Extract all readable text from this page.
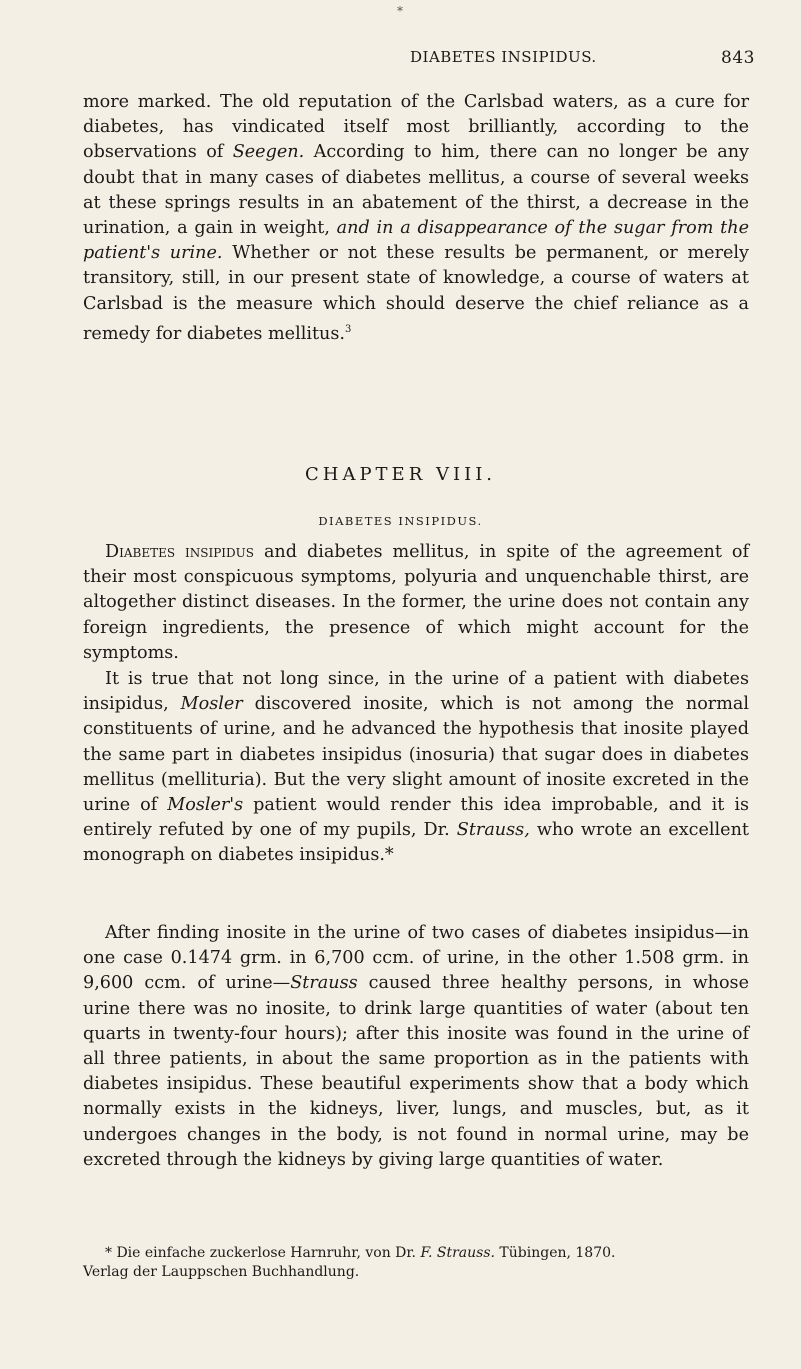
*
DIABETES INSIPIDUS.	843

more marked. The old reputation of the Carlsbad waters, as a cure for diabetes, has vindicated itself most brilliantly, according to the observations of Seegen. According to him, there can no longer be any doubt that in many cases of diabetes mellitus, a course of several weeks at these springs results in an abatement of the thirst, a decrease in the urination, a gain in weight, and in a disappearance of the sugar from the patient's urine. Whether or not these results be permanent, or merely transitory, still, in our present state of knowledge, a course of waters at Carlsbad is the measure which should deserve the chief reliance as a remedy for diabetes mellitus.$^3$

CHAPTER VIII.
DIABETES INSIPIDUS.

Diabetes insipidus and diabetes mellitus, in spite of the agreement of their most conspicuous symptoms, polyuria and unquenchable thirst, are altogether distinct diseases. In the former, the urine does not contain any foreign ingredients, the presence of which might account for the symptoms.

It is true that not long since, in the urine of a patient with diabetes insipidus, Mosler discovered inosite, which is not among the normal constituents of urine, and he advanced the hypothesis that inosite played the same part in diabetes insipidus (inosuria) that sugar does in diabetes mellitus (mellituria). But the very slight amount of inosite excreted in the urine of Mosler's patient would render this idea improbable, and it is entirely refuted by one of my pupils, Dr. Strauss, who wrote an excellent monograph on diabetes insipidus.*

After finding inosite in the urine of two cases of diabetes insipidus—in one case 0.1474 grm. in 6,700 ccm. of urine, in the other 1.508 grm. in 9,600 ccm. of urine—Strauss caused three healthy persons, in whose urine there was no inosite, to drink large quantities of water (about ten quarts in twenty-four hours); after this inosite was found in the urine of all three patients, in about the same proportion as in the patients with diabetes insipidus. These beautiful experiments show that a body which normally exists in the kidneys, liver, lungs, and muscles, but, as it undergoes changes in the body, is not found in normal urine, may be excreted through the kidneys by giving large quantities of water.

* Die einfache zuckerlose Harnruhr, von Dr. F. Strauss. Tübingen, 1870.

Verlag der Lauppschen Buchhandlung.
